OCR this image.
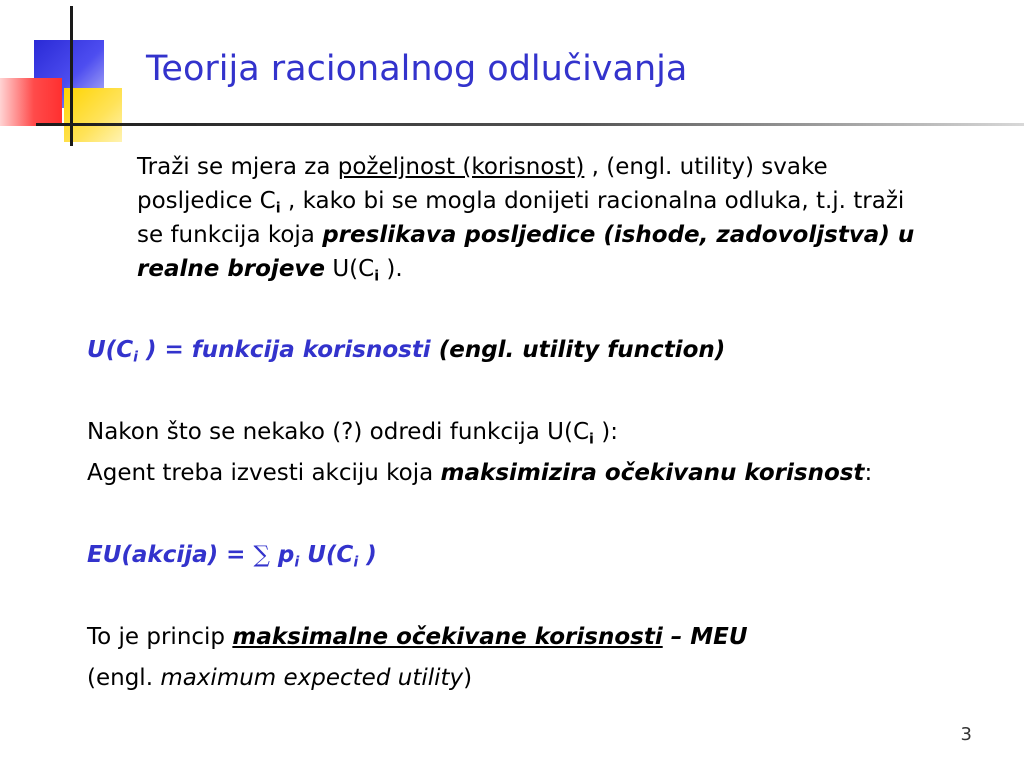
Teorija racionalnog odlučivanja
Traži se mjera za poželjnost (korisnost) , (engl. utility) svake posljedice $C_i$ , kako bi se mogla donijeti racionalna odluka, t.j. traži se funkcija koja preslikava posljedice (ishode, zadovoljstva) u realne brojeve $U(C_i$ ).
$U(C_i$ ) = funkcija korisnosti (engl. utility function)
Nakon što se nekako (?) odredi funkcija $U(C_i$ ):
Agent treba izvesti akciju koja maksimizira očekivanu korisnost:
EU(akcija) = ∑ $p_i$ $U(C_i$ )
To je princip maksimalne očekivane korisnosti – MEU
(engl. maximum expected utility)
3
